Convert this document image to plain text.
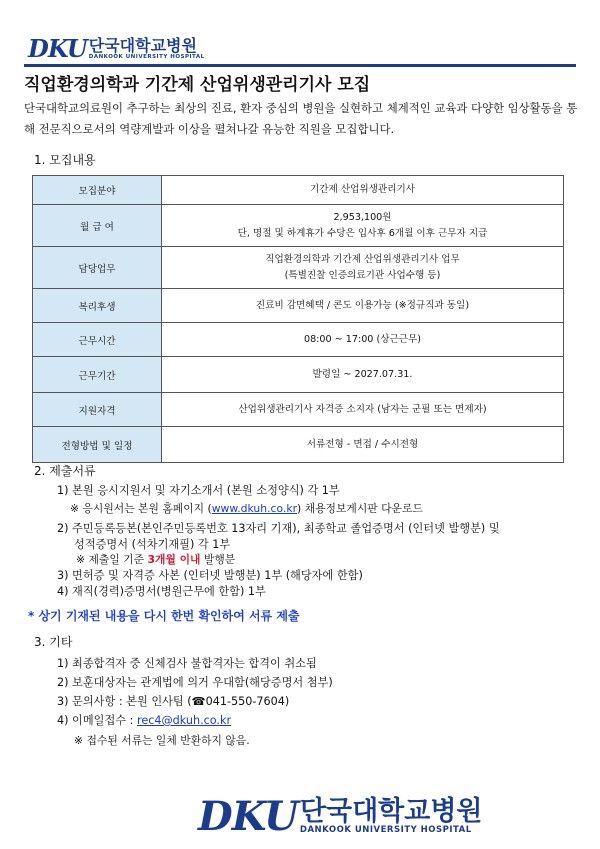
DKU 단국대학교병원
DANKOOK UNIVERSITY HOSPITAL
직업환경의학과 기간제 산업위생관리기사 모집
단국대학교의료원이 추구하는 최상의 진료, 환자 중심의 병원을 실현하고 체계적인 교육과 다양한 임상활동을 통해 전문직으로서의 역량계발과 이상을 펼쳐나갈 유능한 직원을 모집합니다.
1. 모집내용
모집분야	기간제 산업위생관리기사

월 급 여	2,953,100원
단, 명절 및 하계휴가 수당은 입사후 6개월 이후 근무자 지급

담당업무	직업환경의학과 기간제 산업위생관리기사 업무
(특별진찰 인증의료기관 사업수행 등)

복리후생	진료비 감면혜택 / 콘도 이용가능 (※정규직과 동일)

근무시간	08:00 ~ 17:00 (상근근무)

근무기간	발령일 ~ 2027.07.31.

지원자격	산업위생관리기사 자격증 소지자 (남자는 군필 또는 면제자)

전형방법 및 일정	서류전형 - 면접 / 수시전형
2. 제출서류
1) 본원 응시지원서 및 자기소개서 (본원 소정양식) 각 1부
※ 응시원서는 본원 홈페이지 (www.dkuh.co.kr) 채용정보게시판 다운로드
2) 주민등록등본(본인주민등록번호 13자리 기재), 최종학교 졸업증명서 (인터넷 발행분) 및
성적증명서 (석차기재필) 각 1부
※ 제출일 기준 3개월 이내 발행분
3) 면허증 및 자격증 사본 (인터넷 발행분) 1부 (해당자에 한함)
4) 재직(경력)증명서(병원근무에 한함) 1부
* 상기 기재된 내용을 다시 한번 확인하여 서류 제출
3. 기타
1) 최종합격자 중 신체검사 불합격자는 합격이 취소됨
2) 보훈대상자는 관계법에 의거 우대함(해당증명서 첨부)
3) 문의사항 : 본원 인사팀 (☎041-550-7604)
4) 이메일접수 : rec4@dkuh.co.kr
※ 접수된 서류는 일체 반환하지 않음.
DKU 단국대학교병원
DANKOOK UNIVERSITY HOSPITAL
